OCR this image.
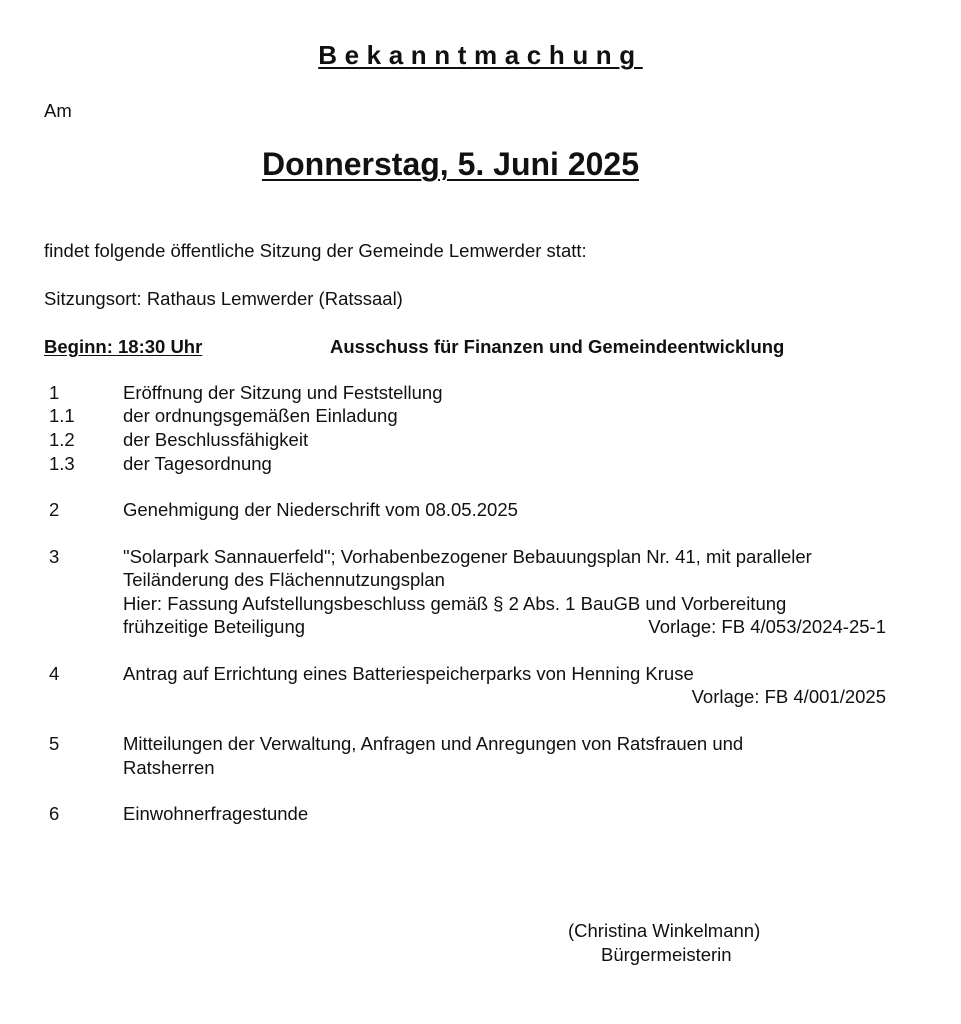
Bekanntmachung
Am
Donnerstag, 5. Juni 2025
findet folgende öffentliche Sitzung der Gemeinde Lemwerder statt:
Sitzungsort: Rathaus Lemwerder (Ratssaal)
Beginn: 18:30 Uhr	Ausschuss für Finanzen und Gemeindeentwicklung
1	Eröffnung der Sitzung und Feststellung
1.1	der ordnungsgemäßen Einladung
1.2	der Beschlussfähigkeit
1.3	der Tagesordnung
2	Genehmigung der Niederschrift vom 08.05.2025
3	"Solarpark Sannauerfeld"; Vorhabenbezogener Bebauungsplan Nr. 41, mit paralleler
Teiländerung des Flächennutzungsplan
Hier: Fassung Aufstellungsbeschluss gemäß § 2 Abs. 1 BauGB und Vorbereitung
frühzeitige Beteiligung	Vorlage: FB 4/053/2024-25-1
4	Antrag auf Errichtung eines Batteriespeicherparks von Henning Kruse
Vorlage: FB 4/001/2025
5	Mitteilungen der Verwaltung, Anfragen und Anregungen von Ratsfrauen und
Ratsherren
6	Einwohnerfragestunde
(Christina Winkelmann)
Bürgermeisterin
